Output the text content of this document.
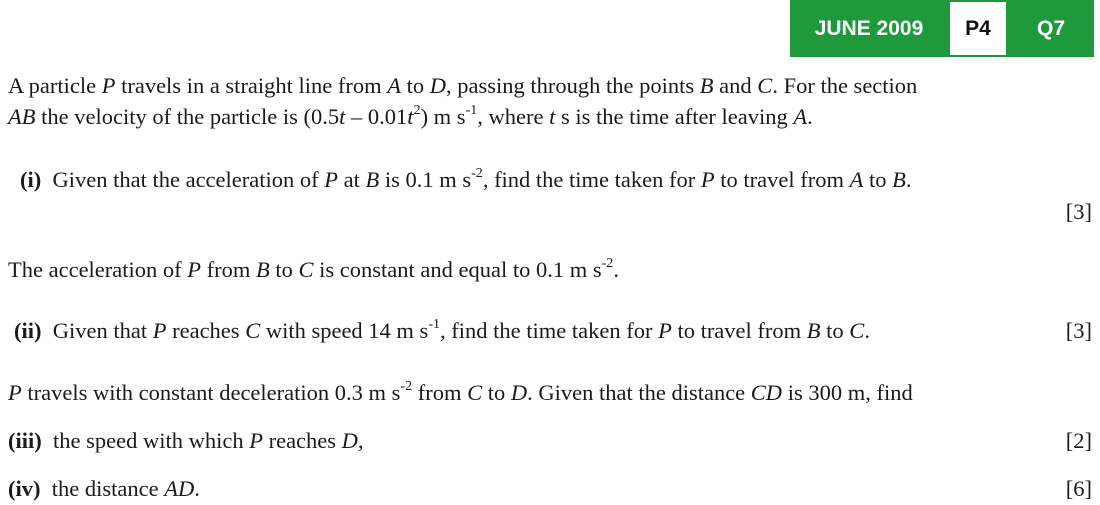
JUNE 2009	P4	Q7
A particle P travels in a straight line from A to D, passing through the points B and C. For the section
AB the velocity of the particle is $(0.5t - 0.01t^2)$ m $s^{-1}$, where t s is the time after leaving A.
(i)  Given that the acceleration of P at B is 0.1 m $s^{-2}$, find the time taken for P to travel from A to B.
[3]
The acceleration of P from B to C is constant and equal to 0.1 m $s^{-2}$.
(ii)  Given that P reaches C with speed 14 m $s^{-1}$, find the time taken for P to travel from B to C.	[3]
P travels with constant deceleration 0.3 m $s^{-2}$ from C to D. Given that the distance CD is 300 m, find
(iii)  the speed with which P reaches D,	[2]
(iv)  the distance AD.	[6]
